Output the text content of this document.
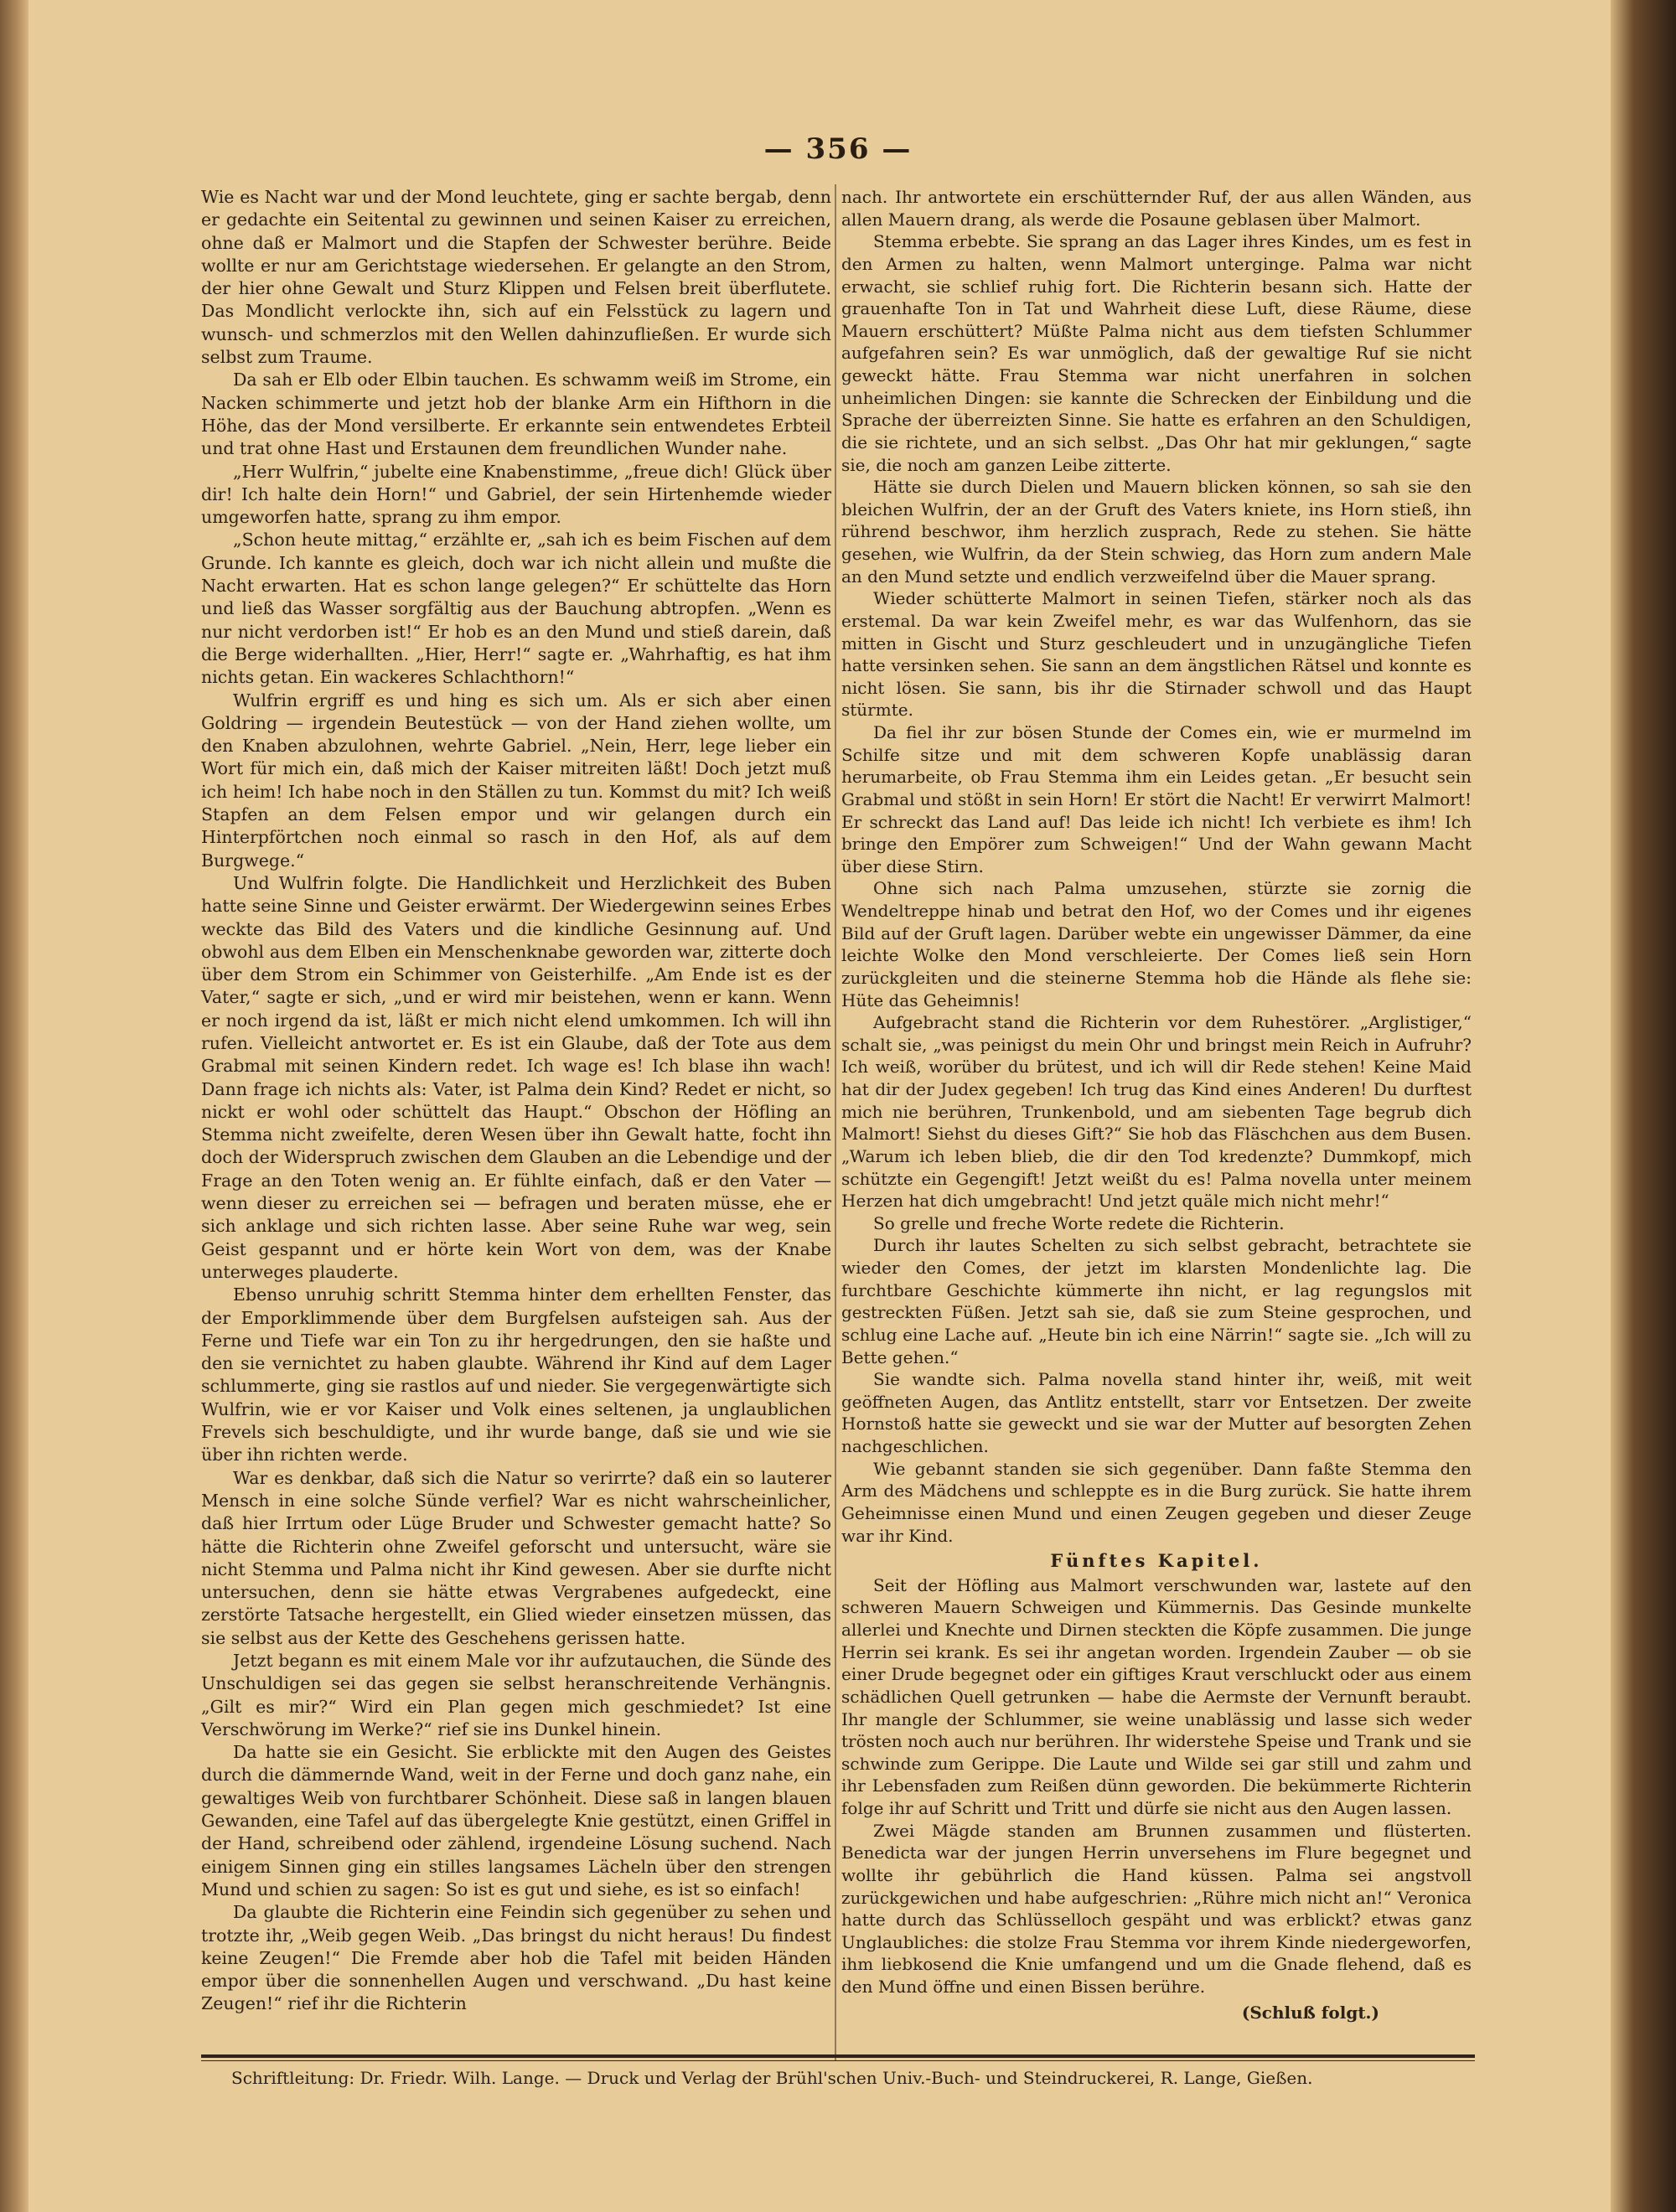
— 356 —

Wie es Nacht war und der Mond leuchtete, ging er sachte bergab, denn er gedachte ein Seitental zu gewinnen und seinen Kaiser zu erreichen, ohne daß er Malmort und die Stapfen der Schwester berühre. Beide wollte er nur am Gerichtstage wiedersehen. Er gelangte an den Strom, der hier ohne Gewalt und Sturz Klippen und Felsen breit überflutete. Das Mondlicht verlockte ihn, sich auf ein Felsstück zu lagern und wunsch- und schmerzlos mit den Wellen dahinzufließen. Er wurde sich selbst zum Traume.

Da sah er Elb oder Elbin tauchen. Es schwamm weiß im Strome, ein Nacken schimmerte und jetzt hob der blanke Arm ein Hifthorn in die Höhe, das der Mond versilberte. Er erkannte sein entwendetes Erbteil und trat ohne Hast und Erstaunen dem freundlichen Wunder nahe.

„Herr Wulfrin,“ jubelte eine Knabenstimme, „freue dich! Glück über dir! Ich halte dein Horn!“ und Gabriel, der sein Hirtenhemde wieder umgeworfen hatte, sprang zu ihm empor.

„Schon heute mittag,“ erzählte er, „sah ich es beim Fischen auf dem Grunde. Ich kannte es gleich, doch war ich nicht allein und mußte die Nacht erwarten. Hat es schon lange gelegen?“ Er schüttelte das Horn und ließ das Wasser sorgfältig aus der Bauchung abtropfen. „Wenn es nur nicht verdorben ist!“ Er hob es an den Mund und stieß darein, daß die Berge widerhallten. „Hier, Herr!“ sagte er. „Wahrhaftig, es hat ihm nichts getan. Ein wackeres Schlachthorn!“

Wulfrin ergriff es und hing es sich um. Als er sich aber einen Goldring — irgendein Beutestück — von der Hand ziehen wollte, um den Knaben abzulohnen, wehrte Gabriel. „Nein, Herr, lege lieber ein Wort für mich ein, daß mich der Kaiser mitreiten läßt! Doch jetzt muß ich heim! Ich habe noch in den Ställen zu tun. Kommst du mit? Ich weiß Stapfen an dem Felsen empor und wir gelangen durch ein Hinterpförtchen noch einmal so rasch in den Hof, als auf dem Burgwege.“

Und Wulfrin folgte. Die Handlichkeit und Herzlichkeit des Buben hatte seine Sinne und Geister erwärmt. Der Wiedergewinn seines Erbes weckte das Bild des Vaters und die kindliche Gesinnung auf. Und obwohl aus dem Elben ein Menschenknabe geworden war, zitterte doch über dem Strom ein Schimmer von Geisterhilfe. „Am Ende ist es der Vater,“ sagte er sich, „und er wird mir beistehen, wenn er kann. Wenn er noch irgend da ist, läßt er mich nicht elend umkommen. Ich will ihn rufen. Vielleicht antwortet er. Es ist ein Glaube, daß der Tote aus dem Grabmal mit seinen Kindern redet. Ich wage es! Ich blase ihn wach! Dann frage ich nichts als: Vater, ist Palma dein Kind? Redet er nicht, so nickt er wohl oder schüttelt das Haupt.“ Obschon der Höfling an Stemma nicht zweifelte, deren Wesen über ihn Gewalt hatte, focht ihn doch der Widerspruch zwischen dem Glauben an die Lebendige und der Frage an den Toten wenig an. Er fühlte einfach, daß er den Vater — wenn dieser zu erreichen sei — befragen und beraten müsse, ehe er sich anklage und sich richten lasse. Aber seine Ruhe war weg, sein Geist gespannt und er hörte kein Wort von dem, was der Knabe unterweges plauderte.

Ebenso unruhig schritt Stemma hinter dem erhellten Fenster, das der Emporklimmende über dem Burgfelsen aufsteigen sah. Aus der Ferne und Tiefe war ein Ton zu ihr hergedrungen, den sie haßte und den sie vernichtet zu haben glaubte. Während ihr Kind auf dem Lager schlummerte, ging sie rastlos auf und nieder. Sie vergegenwärtigte sich Wulfrin, wie er vor Kaiser und Volk eines seltenen, ja unglaublichen Frevels sich beschuldigte, und ihr wurde bange, daß sie und wie sie über ihn richten werde.

War es denkbar, daß sich die Natur so verirrte? daß ein so lauterer Mensch in eine solche Sünde verfiel? War es nicht wahrscheinlicher, daß hier Irrtum oder Lüge Bruder und Schwester gemacht hatte? So hätte die Richterin ohne Zweifel geforscht und untersucht, wäre sie nicht Stemma und Palma nicht ihr Kind gewesen. Aber sie durfte nicht untersuchen, denn sie hätte etwas Vergrabenes aufgedeckt, eine zerstörte Tatsache hergestellt, ein Glied wieder einsetzen müssen, das sie selbst aus der Kette des Geschehens gerissen hatte.

Jetzt begann es mit einem Male vor ihr aufzutauchen, die Sünde des Unschuldigen sei das gegen sie selbst heranschreitende Verhängnis. „Gilt es mir?“ Wird ein Plan gegen mich geschmiedet? Ist eine Verschwörung im Werke?“ rief sie ins Dunkel hinein.

Da hatte sie ein Gesicht. Sie erblickte mit den Augen des Geistes durch die dämmernde Wand, weit in der Ferne und doch ganz nahe, ein gewaltiges Weib von furchtbarer Schönheit. Diese saß in langen blauen Gewanden, eine Tafel auf das übergelegte Knie gestützt, einen Griffel in der Hand, schreibend oder zählend, irgendeine Lösung suchend. Nach einigem Sinnen ging ein stilles langsames Lächeln über den strengen Mund und schien zu sagen: So ist es gut und siehe, es ist so einfach!

Da glaubte die Richterin eine Feindin sich gegenüber zu sehen und trotzte ihr, „Weib gegen Weib. „Das bringst du nicht heraus! Du findest keine Zeugen!“ Die Fremde aber hob die Tafel mit beiden Händen empor über die sonnenhellen Augen und verschwand. „Du hast keine Zeugen!“ rief ihr die Richterin

nach. Ihr antwortete ein erschütternder Ruf, der aus allen Wänden, aus allen Mauern drang, als werde die Posaune geblasen über Malmort.

Stemma erbebte. Sie sprang an das Lager ihres Kindes, um es fest in den Armen zu halten, wenn Malmort unterginge. Palma war nicht erwacht, sie schlief ruhig fort. Die Richterin besann sich. Hatte der grauenhafte Ton in Tat und Wahrheit diese Luft, diese Räume, diese Mauern erschüttert? Müßte Palma nicht aus dem tiefsten Schlummer aufgefahren sein? Es war unmöglich, daß der gewaltige Ruf sie nicht geweckt hätte. Frau Stemma war nicht unerfahren in solchen unheimlichen Dingen: sie kannte die Schrecken der Einbildung und die Sprache der überreizten Sinne. Sie hatte es erfahren an den Schuldigen, die sie richtete, und an sich selbst. „Das Ohr hat mir geklungen,“ sagte sie, die noch am ganzen Leibe zitterte.

Hätte sie durch Dielen und Mauern blicken können, so sah sie den bleichen Wulfrin, der an der Gruft des Vaters kniete, ins Horn stieß, ihn rührend beschwor, ihm herzlich zusprach, Rede zu stehen. Sie hätte gesehen, wie Wulfrin, da der Stein schwieg, das Horn zum andern Male an den Mund setzte und endlich verzweifelnd über die Mauer sprang.

Wieder schütterte Malmort in seinen Tiefen, stärker noch als das erstemal. Da war kein Zweifel mehr, es war das Wulfenhorn, das sie mitten in Gischt und Sturz geschleudert und in unzugängliche Tiefen hatte versinken sehen. Sie sann an dem ängstlichen Rätsel und konnte es nicht lösen. Sie sann, bis ihr die Stirnader schwoll und das Haupt stürmte.

Da fiel ihr zur bösen Stunde der Comes ein, wie er murmelnd im Schilfe sitze und mit dem schweren Kopfe unablässig daran herumarbeite, ob Frau Stemma ihm ein Leides getan. „Er besucht sein Grabmal und stößt in sein Horn! Er stört die Nacht! Er verwirrt Malmort! Er schreckt das Land auf! Das leide ich nicht! Ich verbiete es ihm! Ich bringe den Empörer zum Schweigen!“ Und der Wahn gewann Macht über diese Stirn.

Ohne sich nach Palma umzusehen, stürzte sie zornig die Wendeltreppe hinab und betrat den Hof, wo der Comes und ihr eigenes Bild auf der Gruft lagen. Darüber webte ein ungewisser Dämmer, da eine leichte Wolke den Mond verschleierte. Der Comes ließ sein Horn zurückgleiten und die steinerne Stemma hob die Hände als flehe sie: Hüte das Geheimnis!

Aufgebracht stand die Richterin vor dem Ruhestörer. „Arglistiger,“ schalt sie, „was peinigst du mein Ohr und bringst mein Reich in Aufruhr? Ich weiß, worüber du brütest, und ich will dir Rede stehen! Keine Maid hat dir der Judex gegeben! Ich trug das Kind eines Anderen! Du durftest mich nie berühren, Trunkenbold, und am siebenten Tage begrub dich Malmort! Siehst du dieses Gift?“ Sie hob das Fläschchen aus dem Busen. „Warum ich leben blieb, die dir den Tod kredenzte? Dummkopf, mich schützte ein Gegengift! Jetzt weißt du es! Palma novella unter meinem Herzen hat dich umgebracht! Und jetzt quäle mich nicht mehr!“

So grelle und freche Worte redete die Richterin.

Durch ihr lautes Schelten zu sich selbst gebracht, betrachtete sie wieder den Comes, der jetzt im klarsten Mondenlichte lag. Die furchtbare Geschichte kümmerte ihn nicht, er lag regungslos mit gestreckten Füßen. Jetzt sah sie, daß sie zum Steine gesprochen, und schlug eine Lache auf. „Heute bin ich eine Närrin!“ sagte sie. „Ich will zu Bette gehen.“

Sie wandte sich. Palma novella stand hinter ihr, weiß, mit weit geöffneten Augen, das Antlitz entstellt, starr vor Entsetzen. Der zweite Hornstoß hatte sie geweckt und sie war der Mutter auf besorgten Zehen nachgeschlichen.

Wie gebannt standen sie sich gegenüber. Dann faßte Stemma den Arm des Mädchens und schleppte es in die Burg zurück. Sie hatte ihrem Geheimnisse einen Mund und einen Zeugen gegeben und dieser Zeuge war ihr Kind.

Fünftes Kapitel.

Seit der Höfling aus Malmort verschwunden war, lastete auf den schweren Mauern Schweigen und Kümmernis. Das Gesinde munkelte allerlei und Knechte und Dirnen steckten die Köpfe zusammen. Die junge Herrin sei krank. Es sei ihr angetan worden. Irgendein Zauber — ob sie einer Drude begegnet oder ein giftiges Kraut verschluckt oder aus einem schädlichen Quell getrunken — habe die Aermste der Vernunft beraubt. Ihr mangle der Schlummer, sie weine unablässig und lasse sich weder trösten noch auch nur berühren. Ihr widerstehe Speise und Trank und sie schwinde zum Gerippe. Die Laute und Wilde sei gar still und zahm und ihr Lebensfaden zum Reißen dünn geworden. Die bekümmerte Richterin folge ihr auf Schritt und Tritt und dürfe sie nicht aus den Augen lassen.

Zwei Mägde standen am Brunnen zusammen und flüsterten. Benedicta war der jungen Herrin unversehens im Flure begegnet und wollte ihr gebührlich die Hand küssen. Palma sei angstvoll zurückgewichen und habe aufgeschrien: „Rühre mich nicht an!“ Veronica hatte durch das Schlüsselloch gespäht und was erblickt? etwas ganz Unglaubliches: die stolze Frau Stemma vor ihrem Kinde niedergeworfen, ihm liebkosend die Knie umfangend und um die Gnade flehend, daß es den Mund öffne und einen Bissen berühre.

(Schluß folgt.)
Schriftleitung: Dr. Friedr. Wilh. Lange. — Druck und Verlag der Brühl'schen Univ.-Buch- und Steindruckerei, R. Lange, Gießen.
